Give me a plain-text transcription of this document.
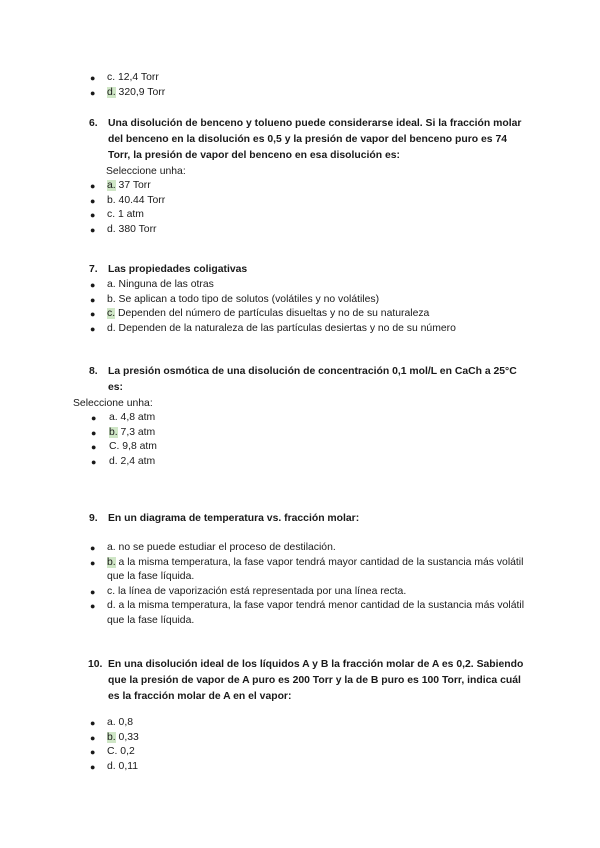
● c. 12,4 Torr
● d. 320,9 Torr
6. Una disolución de benceno y tolueno puede considerarse ideal. Si la fracción molar del benceno en la disolución es 0,5 y la presión de vapor del benceno puro es 74 Torr, la presión de vapor del benceno en esa disolución es:
Seleccione unha:
● a. 37 Torr
● b. 40.44 Torr
● c. 1 atm
● d. 380 Torr
7. Las propiedades coligativas
● a. Ninguna de las otras
● b. Se aplican a todo tipo de solutos (volátiles y no volátiles)
● c. Dependen del número de partículas disueltas y no de su naturaleza
● d. Dependen de la naturaleza de las partículas desiertas y no de su número
8. La presión osmótica de una disolución de concentración 0,1 mol/L en CaCh a 25°C es:
Seleccione unha:
● a. 4,8 atm
● b. 7,3 atm
● C. 9,8 atm
● d. 2,4 atm
9. En un diagrama de temperatura vs. fracción molar:
● a. no se puede estudiar el proceso de destilación.
● b. a la misma temperatura, la fase vapor tendrá mayor cantidad de la sustancia más volátil que la fase líquida.
● c. la línea de vaporización está representada por una línea recta.
● d. a la misma temperatura, la fase vapor tendrá menor cantidad de la sustancia más volátil que la fase líquida.
10. En una disolución ideal de los líquidos A y B la fracción molar de A es 0,2. Sabiendo que la presión de vapor de A puro es 200 Torr y la de B puro es 100 Torr, indica cuál es la fracción molar de A en el vapor:
● a. 0,8
● b. 0,33
● C. 0,2
● d. 0,11
